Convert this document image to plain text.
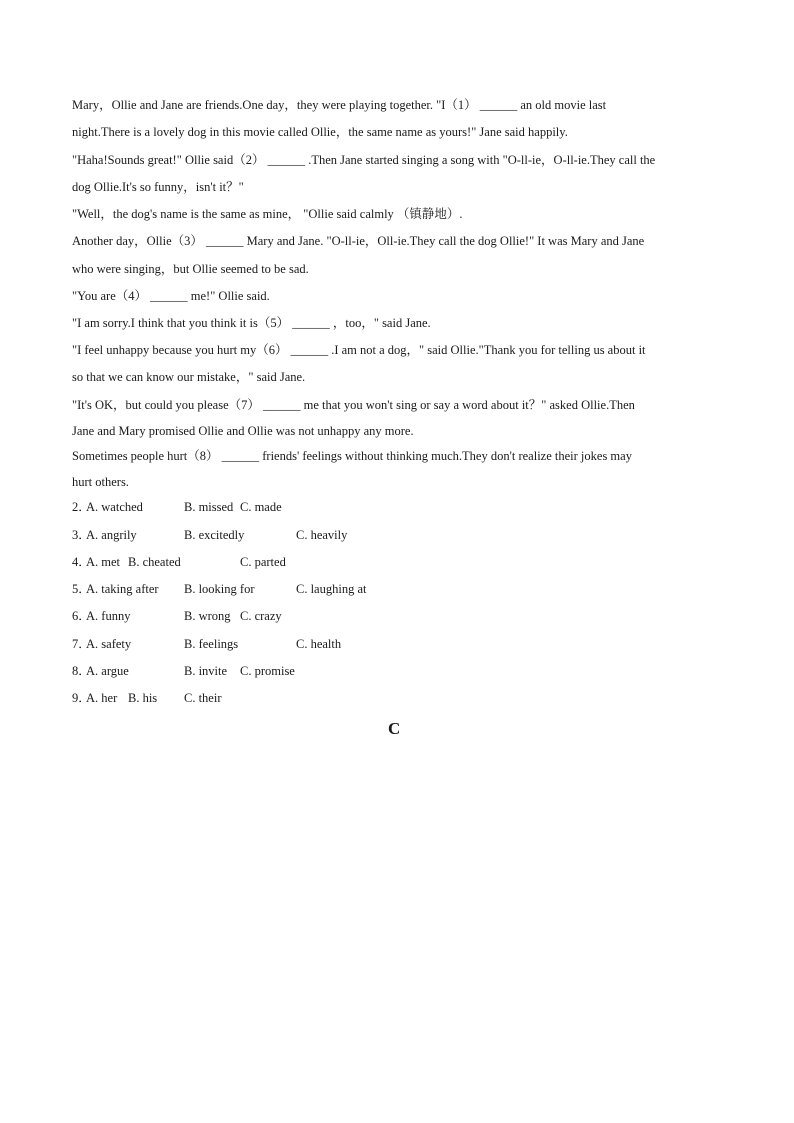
Mary，Ollie and Jane are friends.One day，they were playing together. "I（1） ______ an old movie last
night.There is a lovely dog in this movie called Ollie，the same name as yours!" Jane said happily.
"Haha!Sounds great!" Ollie said（2） ______ .Then Jane started singing a song with "O-ll-ie，O-ll-ie.They call the
dog Ollie.It's so funny，isn't it？"
"Well，the dog's name is the same as mine， "Ollie said calmly （镇静地）.
Another day，Ollie（3） ______ Mary and Jane. "O-ll-ie，Oll-ie.They call the dog Ollie!" It was Mary and Jane
who were singing，but Ollie seemed to be sad.
"You are（4） ______ me!" Ollie said.
"I am sorry.I think that you think it is（5） ______ ，too，" said Jane.
"I feel unhappy because you hurt my（6） ______ .I am not a dog，" said Ollie."Thank you for telling us about it
so that we can know our mistake，" said Jane.
"It's OK，but could you please（7） ______ me that you won't sing or say a word about it？" asked Ollie.Then
Jane and Mary promised Ollie and Ollie was not unhappy any more.
Sometimes people hurt（8） ______ friends' feelings without thinking much.They don't realize their jokes may
hurt others.
2．
A. watched	B. missed C. made
3．
A. angrily	B. excitedly	C. heavily
4．
A. met B. cheated	C. parted
5．
A. taking after B. looking for	C. laughing at
6．
A. funny	B. wrong C. crazy
7．
A. safety	B. feelings	C. health
8．
A. argue	B. invite C. promise
9．
A. her B. his C. their
C
